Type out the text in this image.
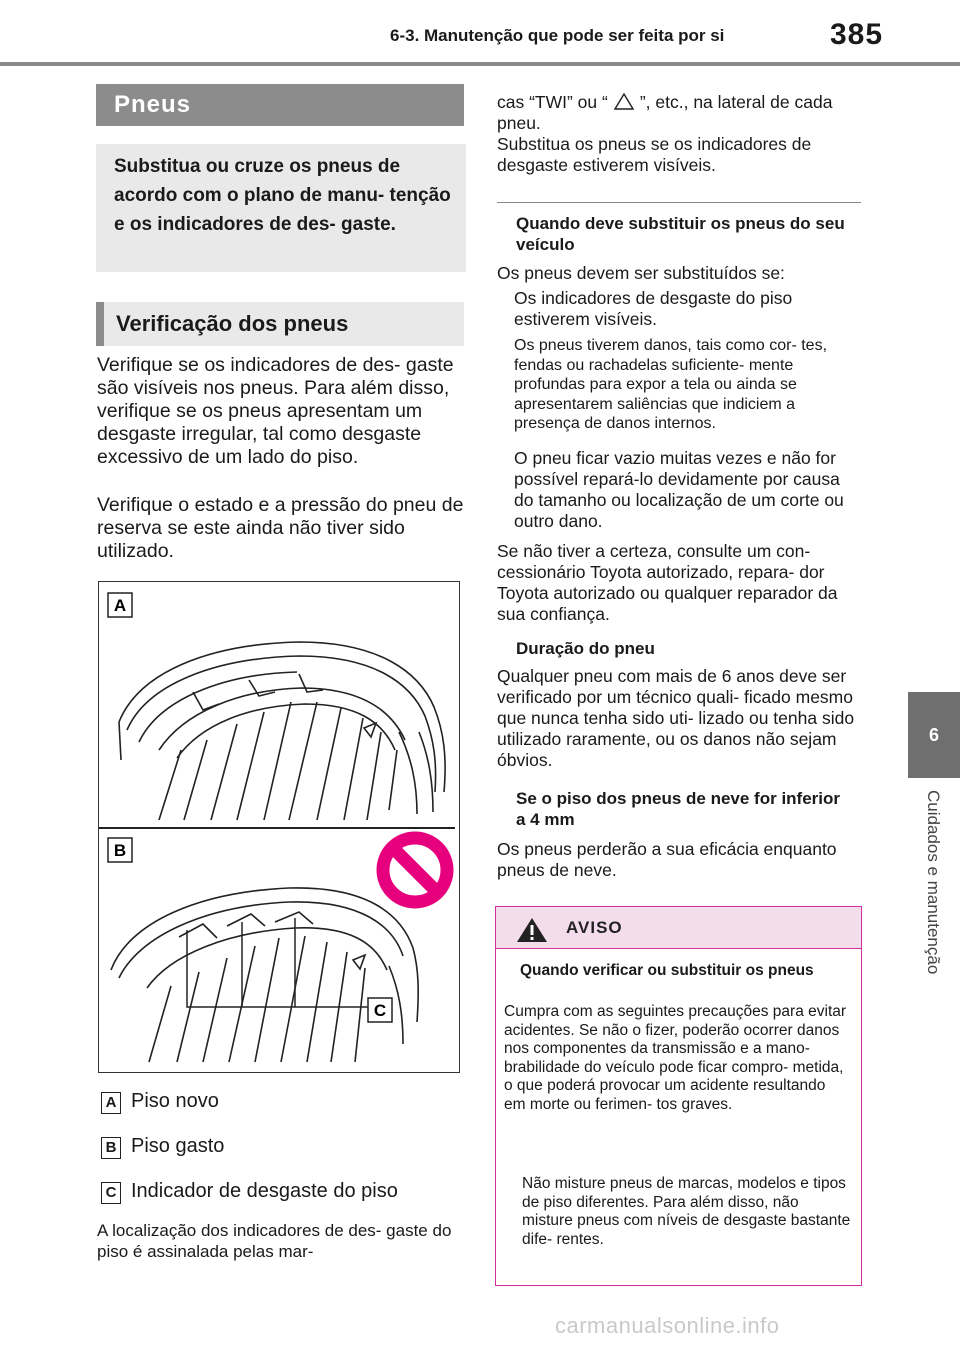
6-3. Manutenção que pode ser feita por si	385
6
Cuidados e manutenção
Pneus
Substitua ou cruze os pneus de acordo com o plano de manu- tenção e os indicadores de des- gaste.
Verificação dos pneus
Verifique se os indicadores de des- gaste são visíveis nos pneus. Para além disso, verifique se os pneus apresentam um desgaste irregular, tal como desgaste excessivo de um lado do piso.
Verifique o estado e a pressão do pneu de reserva se este ainda não tiver sido utilizado.
A
B
C
A Piso novo
B Piso gasto
C Indicador de desgaste do piso
A localização dos indicadores de des- gaste do piso é assinalada pelas mar-
cas “TWI” ou “ ”, etc., na lateral de cada pneu.
Substitua os pneus se os indicadores de desgaste estiverem visíveis.
Quando deve substituir os pneus do seu veículo
Os pneus devem ser substituídos se:
Os indicadores de desgaste do piso estiverem visíveis.
Os pneus tiverem danos, tais como cor- tes, fendas ou rachadelas suficiente- mente profundas para expor a tela ou ainda se apresentarem saliências que indiciem a presença de danos internos.
O pneu ficar vazio muitas vezes e não for possível repará-lo devidamente por causa do tamanho ou localização de um corte ou outro dano.
Se não tiver a certeza, consulte um con- cessionário Toyota autorizado, repara- dor Toyota autorizado ou qualquer reparador da sua confiança.
Duração do pneu
Qualquer pneu com mais de 6 anos deve ser verificado por um técnico quali- ficado mesmo que nunca tenha sido uti- lizado ou tenha sido utilizado raramente, ou os danos não sejam óbvios.
Se o piso dos pneus de neve for inferior a 4 mm
Os pneus perderão a sua eficácia enquanto pneus de neve.
AVISO
Quando verificar ou substituir os pneus
Cumpra com as seguintes precauções para evitar acidentes. Se não o fizer, poderão ocorrer danos nos componentes da transmissão e a mano- brabilidade do veículo pode ficar compro- metida, o que poderá provocar um acidente resultando em morte ou ferimen- tos graves.
Não misture pneus de marcas, modelos e tipos de piso diferentes. Para além disso, não misture pneus com níveis de desgaste bastante dife- rentes.
carmanualsonline.info
